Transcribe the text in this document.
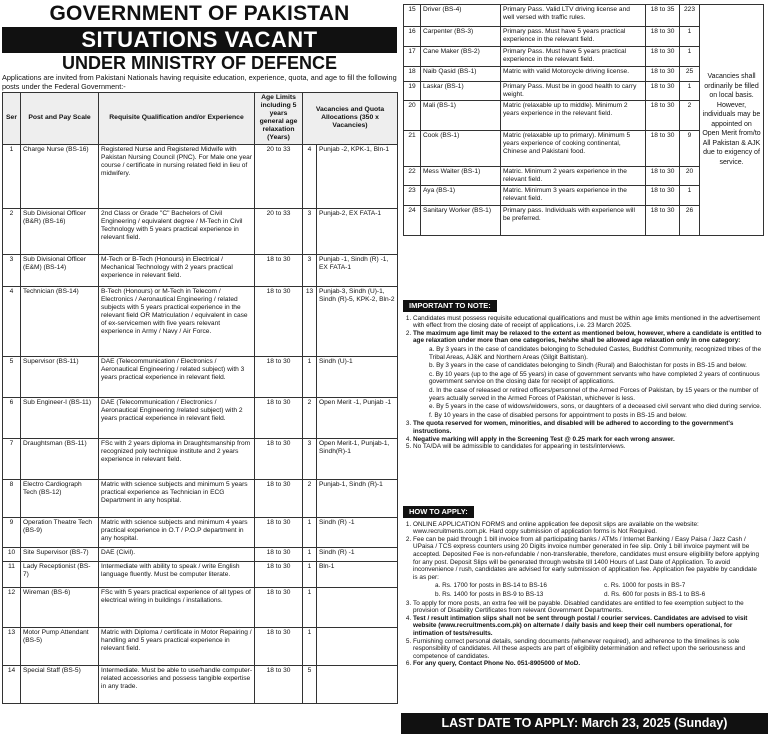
GOVERNMENT OF PAKISTAN
SITUATIONS VACANT
UNDER MINISTRY OF DEFENCE
Applications are invited from Pakistani Nationals having requisite education, experience, quota, and age to fill the following posts under the Federal Government:-
Ser	Post and Pay Scale	Requisite Qualification and/or Experience	Age Limits including 5 years general age relaxation (Years)	Vacancies and Quota Allocations (350 x Vacancies)	
1	Charge Nurse (BS-16)	Registered Nurse and Registered Midwife with Pakistan Nursing Council (PNC). For Male one year course / certificate in nursing related field in lieu of midwifery.	20 to 33	4	Punjab -2, KPK-1, Bln-1
2	Sub Divisional Officer (B&R) (BS-16)	2nd Class or Grade "C" Bachelors of Civil Engineering / equivalent degree / M-Tech in Civil Technology with 5 years practical experience in relevant field.	20 to 33	3	Punjab-2, EX FATA-1
3	Sub Divisional Officer (E&M) (BS-14)	M-Tech or B-Tech (Honours) in Electrical / Mechanical Technology with 2 years practical experience in relevant field.	18 to 30	3	Punjab -1, Sindh (R) -1, EX FATA-1
4	Technician (BS-14)	B-Tech (Honours) or M-Tech in Telecom / Electronics / Aeronautical Engineering / related subjects with 5 years practical experience in the relevant field OR Matriculation / equivalent in case of ex-servicemen with five years relevant experience in Army / Navy / Air Force.	18 to 30	13	Punjab-3, Sindh (U)-1, Sindh (R)-5, KPK-2, Bln-2
5	Supervisor (BS-11)	DAE (Telecommunication / Electronics / Aeronautical Engineering / related subject) with 3 years practical experience in relevant field.	18 to 30	1	Sindh (U)-1
6	Sub Engineer-I (BS-11)	DAE (Telecommunication / Electronics / Aeronautical Engineering /related subject) with 2 years practical experience in relevant field.	18 to 30	2	Open Merit -1, Punjab -1
7	Draughtsman (BS-11)	FSc with 2 years diploma in Draughtsmanship from recognized poly technique institute and 2 years experience in relevant field.	18 to 30	3	Open Merit-1, Punjab-1, Sindh(R)-1
8	Electro Cardiograph Tech (BS-12)	Matric with science subjects and minimum 5 years practical experience as Technician in ECG Department in any hospital.	18 to 30	2	Punjab-1, Sindh (R)-1
9	Operation Theatre Tech (BS-9)	Matric with science subjects and minimum 4 years practical experience in O.T / P.O.P department in any hospital.	18 to 30	1	Sindh (R) -1
10	Site Supervisor (BS-7)	DAE (Civil).	18 to 30	1	Sindh (R) -1
11	Lady Receptionist (BS-7)	Intermediate with ability to speak / write English language fluently. Must be computer literate.	18 to 30	1	Bln-1
12	Wireman (BS-6)	FSc with 5 years practical experience of all types of electrical wiring in buildings / installations.	18 to 30	1	
13	Motor Pump Attendant (BS-5)	Matric with Diploma / certificate in Motor Repairing / handling and 5 years practical experience in relevant field.	18 to 30	1	
14	Special Staff (BS-5)	Intermediate. Must be able to use/handle computer-related accessories and possess tangible expertise in any trade.	18 to 30	5	
15	Driver (BS-4)	Primary Pass. Valid LTV driving license and well versed with traffic rules.	18 to 35	223	Vacancies shall ordinarily be filled on local basis. However, individuals may be appointed on Open Merit from/to All Pakistan & AJK due to exigency of service.
16	Carpenter (BS-3)	Primary pass. Must have 5 years practical experience in the relevant field.	18 to 30	1	
17	Cane Maker (BS-2)	Primary Pass. Must have 5 years practical experience in the relevant field.	18 to 30	1	
18	Naib Qasid (BS-1)	Matric with valid Motorcycle driving license.	18 to 30	25	
19	Laskar (BS-1)	Primary Pass. Must be in good health to carry weight.	18 to 30	1	
20	Mali (BS-1)	Matric (relaxable up to middle). Minimum 2 years experience in the relevant field.	18 to 30	2	
21	Cook (BS-1)	Matric (relaxable up to primary). Minimum 5 years experience of cooking continental, Chinese and Pakistani food.	18 to 30	9	
22	Mess Waiter (BS-1)	Matric. Minimum 2 years experience in the relevant field.	18 to 30	20	
23	Aya (BS-1)	Matric. Minimum 3 years experience in the relevant field.	18 to 30	1	
24	Sanitary Worker (BS-1)	Primary pass. Individuals with experience will be preferred.	18 to 30	26	
IMPORTANT TO NOTE:
1. Candidates must possess requisite educational qualifications and must be within age limits mentioned in the advertisement with effect from the closing date of receipt of applications, i.e. 23 March 2025.
2. The maximum age limit may be relaxed to the extent as mentioned below, however, where a candidate is entitled to age relaxation under more than one categories, he/she shall be allowed age relaxation only in one category:

a. By 3 years in the case of candidates belonging to Scheduled Castes, Buddhist Community, recognized tribes of the Tribal Areas, AJ&K and Northern Areas (Gilgit Baltistan).

b. By 3 years in the case of candidates belonging to Sindh (Rural) and Balochistan for posts in BS-15 and below.

c. By 10 years (up to the age of 55 years) in case of government servants who have completed 2 years of continuous government service on the closing date for receipt of applications.

d. In the case of released or retired officers/personnel of the Armed Forces of Pakistan, by 15 years or the number of years actually served in the Armed Forces of Pakistan, whichever is less.

e. By 5 years in the case of widows/widowers, sons, or daughters of a deceased civil servant who died during service.

f. By 10 years in the case of disabled persons for appointment to posts in BS-15 and below.

3. The quota reserved for women, minorities, and disabled will be adhered to according to the government's instructions.
4. Negative marking will apply in the Screening Test @ 0.25 mark for each wrong answer.
5. No TA/DA will be admissible to candidates for appearing in tests/interviews.
HOW TO APPLY:
1. ONLINE APPLICATION FORMS and online application fee deposit slips are available on the website: www.recruitments.com.pk. Hard copy submission of application forms is Not Required.
2. Fee can be paid through 1 bill invoice from all participating banks / ATMs / Internet Banking / Easy Paisa / Jazz Cash / UPaisa / TCS express counters using 20 Digits invoice number generated in fee slip. Only 1 bill invoice payment will be accepted. Deposited Fee is non-refundable / non-transferable, therefore, candidates must ensure eligibility before applying for any post. Deposit Slips will be generated through website till 1400 Hours of Last Date of Application. To avoid inconvenience / rush, candidates are advised for early submission of application fee. Application fee payable by candidate is as per:
a. Rs. 1700 for posts in BS-14 to BS-16	c. Rs. 1000 for posts in BS-7
b. Rs. 1400 for posts in BS-9 to BS-13	d. Rs. 600 for posts in BS-1 to BS-6
3. To apply for more posts, an extra fee will be payable. Disabled candidates are entitled to fee exemption subject to the provision of Disability Certificates from relevant Government Departments.
4. Test / result intimation slips shall not be sent through postal / courier services. Candidates are advised to visit website (www.recruitments.com.pk) on alternate / daily basis and keep their cell numbers operational, for intimation of tests/results.
5. Furnishing correct personal details, sending documents (whenever required), and adherence to the timelines is sole responsibility of candidates. All these aspects are part of eligibility determination and reflect upon the seriousness and competence of candidates.
6. For any query, Contact Phone No. 051-8905000 of MoD.
LAST DATE TO APPLY: March 23, 2025 (Sunday)
